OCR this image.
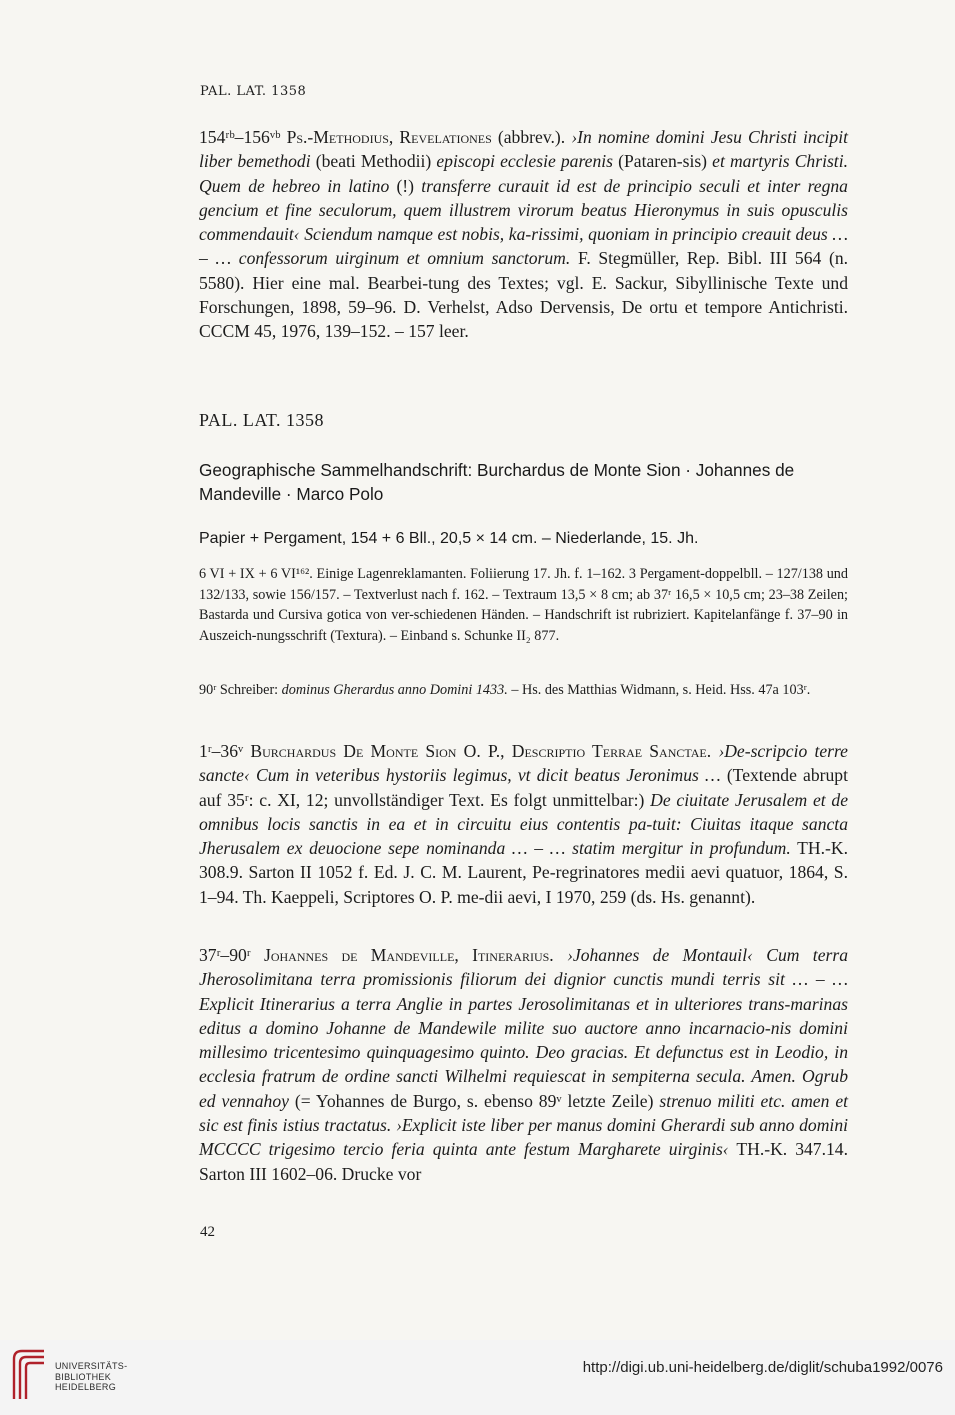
PAL. LAT. 1358

154ʳᵇ–156ᵛᵇ Ps.-Methodius, Revelationes (abbrev.). ›In nomine domini Jesu Christi incipit liber bemethodi (beati Methodii) episcopi ecclesie parenis (Pataren-sis) et martyris Christi. Quem de hebreo in latino (!) transferre curauit id est de principio seculi et inter regna gencium et fine seculorum, quem illustrem virorum beatus Hieronymus in suis opusculis commendauit‹ Sciendum namque est nobis, ka-rissimi, quoniam in principio creauit deus … – … confessorum uirginum et omnium sanctorum. F. Stegmüller, Rep. Bibl. III 564 (n. 5580). Hier eine mal. Bearbei-tung des Textes; vgl. E. Sackur, Sibyllinische Texte und Forschungen, 1898, 59–96. D. Verhelst, Adso Dervensis, De ortu et tempore Antichristi. CCCM 45, 1976, 139–152. – 157 leer.

PAL. LAT. 1358
Geographische Sammelhandschrift: Burchardus de Monte Sion · Johannes de Mandeville · Marco Polo
Papier + Pergament, 154 + 6 Bll., 20,5 × 14 cm. – Niederlande, 15. Jh.

6 VI + IX + 6 VI¹⁶². Einige Lagenreklamanten. Foliierung 17. Jh. f. 1–162. 3 Pergament-doppelbll. – 127/138 und 132/133, sowie 156/157. – Textverlust nach f. 162. – Textraum 13,5 × 8 cm; ab 37ʳ 16,5 × 10,5 cm; 23–38 Zeilen; Bastarda und Cursiva gotica von ver-schiedenen Händen. – Handschrift ist rubriziert. Kapitelanfänge f. 37–90 in Auszeich-nungsschrift (Textura). – Einband s. Schunke II₂ 877.

90ʳ Schreiber: dominus Gherardus anno Domini 1433. – Hs. des Matthias Widmann, s. Heid. Hss. 47a 103ʳ.

1ʳ–36ᵛ Burchardus De Monte Sion O. P., Descriptio Terrae Sanctae. ›De-scripcio terre sancte‹ Cum in veteribus hystoriis legimus, vt dicit beatus Jeronimus … (Textende abrupt auf 35ʳ: c. XI, 12; unvollständiger Text. Es folgt unmittelbar:) De ciuitate Jerusalem et de omnibus locis sanctis in ea et in circuitu eius contentis pa-tuit: Ciuitas itaque sancta Jherusalem ex deuocione sepe nominanda … – … statim mergitur in profundum. TH.-K. 308.9. Sarton II 1052 f. Ed. J. C. M. Laurent, Pe-regrinatores medii aevi quatuor, 1864, S. 1–94. Th. Kaeppeli, Scriptores O. P. me-dii aevi, I 1970, 259 (ds. Hs. genannt).

37ʳ–90ʳ Johannes de Mandeville, Itinerarius. ›Johannes de Montauil‹ Cum terra Jherosolimitana terra promissionis filiorum dei dignior cunctis mundi terris sit … – … Explicit Itinerarius a terra Anglie in partes Jerosolimitanas et in ulteriores trans-marinas editus a domino Johanne de Mandewile milite suo auctore anno incarnacio-nis domini millesimo tricentesimo quinquagesimo quinto. Deo gracias. Et defunctus est in Leodio, in ecclesia fratrum de ordine sancti Wilhelmi requiescat in sempiterna secula. Amen. Ogrub ed vennahoy (= Yohannes de Burgo, s. ebenso 89ᵛ letzte Zeile) strenuo militi etc. amen et sic est finis istius tractatus. ›Explicit iste liber per manus domini Gherardi sub anno domini MCCCC trigesimo tercio feria quinta ante festum Margharete uirginis‹ TH.-K. 347.14. Sarton III 1602–06. Drucke vor

42
UNIVERSITÄTS-
BIBLIOTHEK
HEIDELBERG
http://digi.ub.uni-heidelberg.de/diglit/schuba1992/0076
